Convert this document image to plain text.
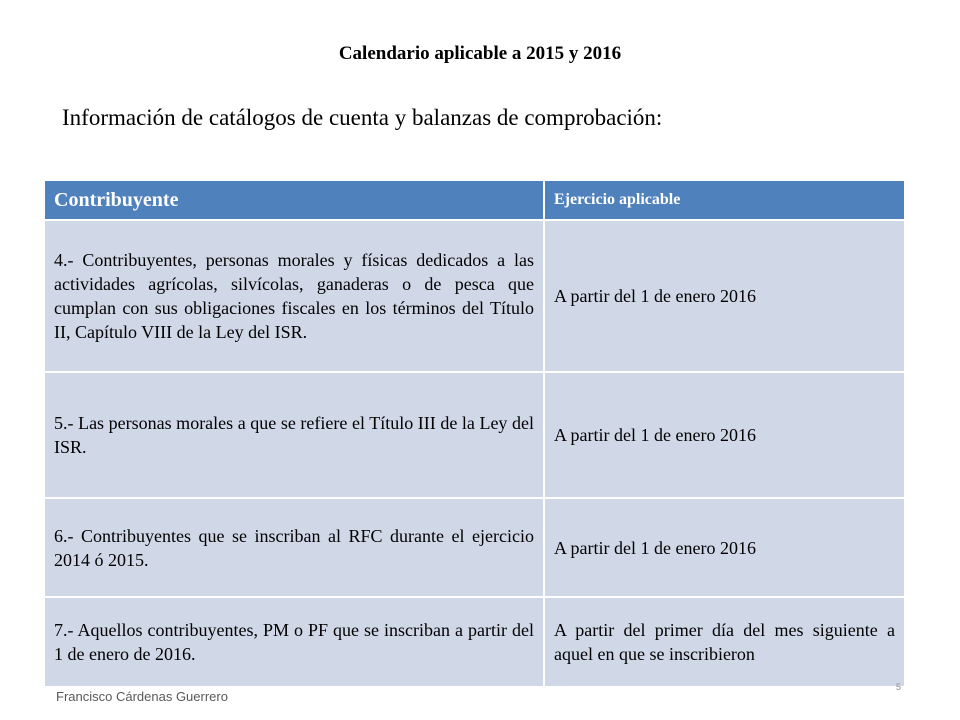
Calendario aplicable a 2015 y 2016
Información de catálogos de cuenta y balanzas de comprobación:
Contribuyente	Ejercicio aplicable
4.- Contribuyentes, personas morales y físicas dedicados a las actividades agrícolas, silvícolas, ganaderas o de pesca que cumplan con sus obligaciones fiscales en los términos del Título II, Capítulo VIII de la Ley del ISR.	A partir del 1 de enero 2016
5.- Las personas morales a que se refiere el Título III de la Ley del ISR.	A partir del 1 de enero 2016
6.- Contribuyentes que se inscriban al RFC durante el ejercicio 2014 ó 2015.	A partir del 1 de enero 2016
7.- Aquellos contribuyentes, PM o PF que se inscriban a partir del 1 de enero de 2016.	A partir del primer día del mes siguiente a aquel en que se inscribieron
Francisco Cárdenas Guerrero
5
